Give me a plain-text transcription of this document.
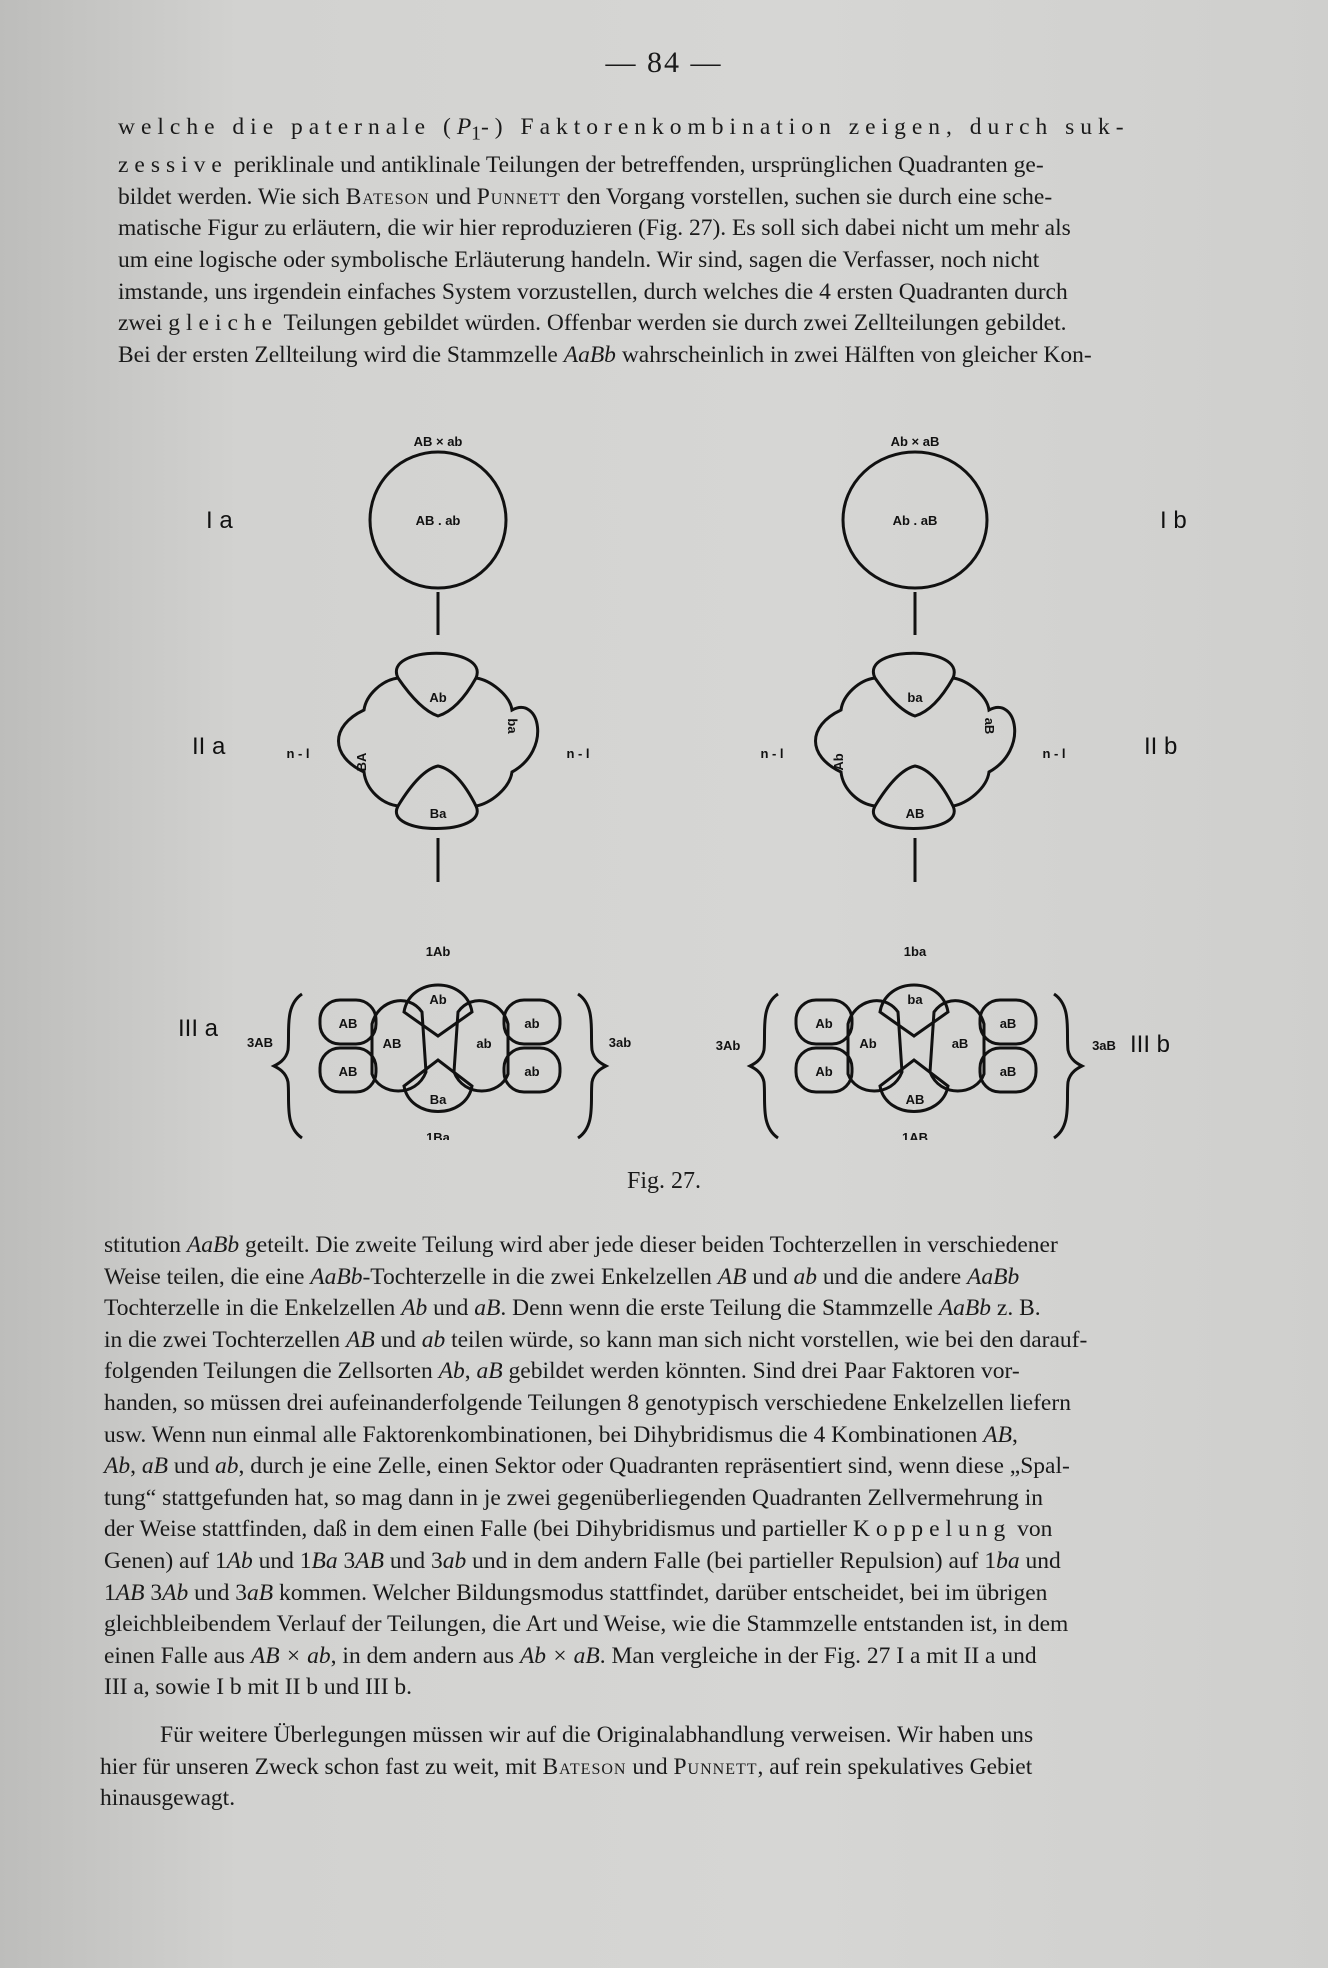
— 84 —

welche die paternale $(P_1-)$ Faktorenkombination zeigen, durch suk-

zessive periklinale und antiklinale Teilungen der betreffenden, ursprünglichen Quadranten ge-

bildet werden. Wie sich Bateson und Punnett den Vorgang vorstellen, suchen sie durch eine sche-

matische Figur zu erläutern, die wir hier reproduzieren (Fig. 27). Es soll sich dabei nicht um mehr als

um eine logische oder symbolische Erläuterung handeln. Wir sind, sagen die Verfasser, noch nicht

imstande, uns irgendein einfaches System vorzustellen, durch welches die 4 ersten Quadranten durch

zwei gleiche Teilungen gebildet würden. Offenbar werden sie durch zwei Zellteilungen gebildet.

Bei der ersten Zellteilung wird die Stammzelle AaBb wahrscheinlich in zwei Hälften von gleicher Kon-

AB × ab
AB . ab
Ab
Ba
BA
ba
n - l	n - l
1Ab
1Ba
3AB	3ab
AB
AB
AB
Ab
Ba
ab
ab
ab
I a
II a
III a
Ab × aB
Ab . aB
ba
AB
Ab
aB
n - l	n - l
1ba
1AB
3Ab	3aB
Ab
Ab
Ab
ba
AB
aB
aB
aB
I b
II b
III b
Fig. 27.

stitution AaBb geteilt. Die zweite Teilung wird aber jede dieser beiden Tochterzellen in verschiedener

Weise teilen, die eine AaBb-Tochterzelle in die zwei Enkelzellen AB und ab und die andere AaBb

Tochterzelle in die Enkelzellen Ab und aB. Denn wenn die erste Teilung die Stammzelle AaBb z. B.

in die zwei Tochterzellen AB und ab teilen würde, so kann man sich nicht vorstellen, wie bei den darauf-

folgenden Teilungen die Zellsorten Ab, aB gebildet werden könnten. Sind drei Paar Faktoren vor-

handen, so müssen drei aufeinanderfolgende Teilungen 8 genotypisch verschiedene Enkelzellen liefern

usw. Wenn nun einmal alle Faktorenkombinationen, bei Dihybridismus die 4 Kombinationen AB,

Ab, aB und ab, durch je eine Zelle, einen Sektor oder Quadranten repräsentiert sind, wenn diese „Spal-

tung“ stattgefunden hat, so mag dann in je zwei gegenüberliegenden Quadranten Zellvermehrung in

der Weise stattfinden, daß in dem einen Falle (bei Dihybridismus und partieller Koppelung von

Genen) auf 1Ab und 1Ba 3AB und 3ab und in dem andern Falle (bei partieller Repulsion) auf 1ba und

1AB 3Ab und 3aB kommen. Welcher Bildungsmodus stattfindet, darüber entscheidet, bei im übrigen

gleichbleibendem Verlauf der Teilungen, die Art und Weise, wie die Stammzelle entstanden ist, in dem

einen Falle aus AB × ab, in dem andern aus Ab × aB. Man vergleiche in der Fig. 27 I a mit II a und

III a, sowie I b mit II b und III b.

Für weitere Überlegungen müssen wir auf die Originalabhandlung verweisen. Wir haben uns

hier für unseren Zweck schon fast zu weit, mit Bateson und Punnett, auf rein spekulatives Gebiet

hinausgewagt.
